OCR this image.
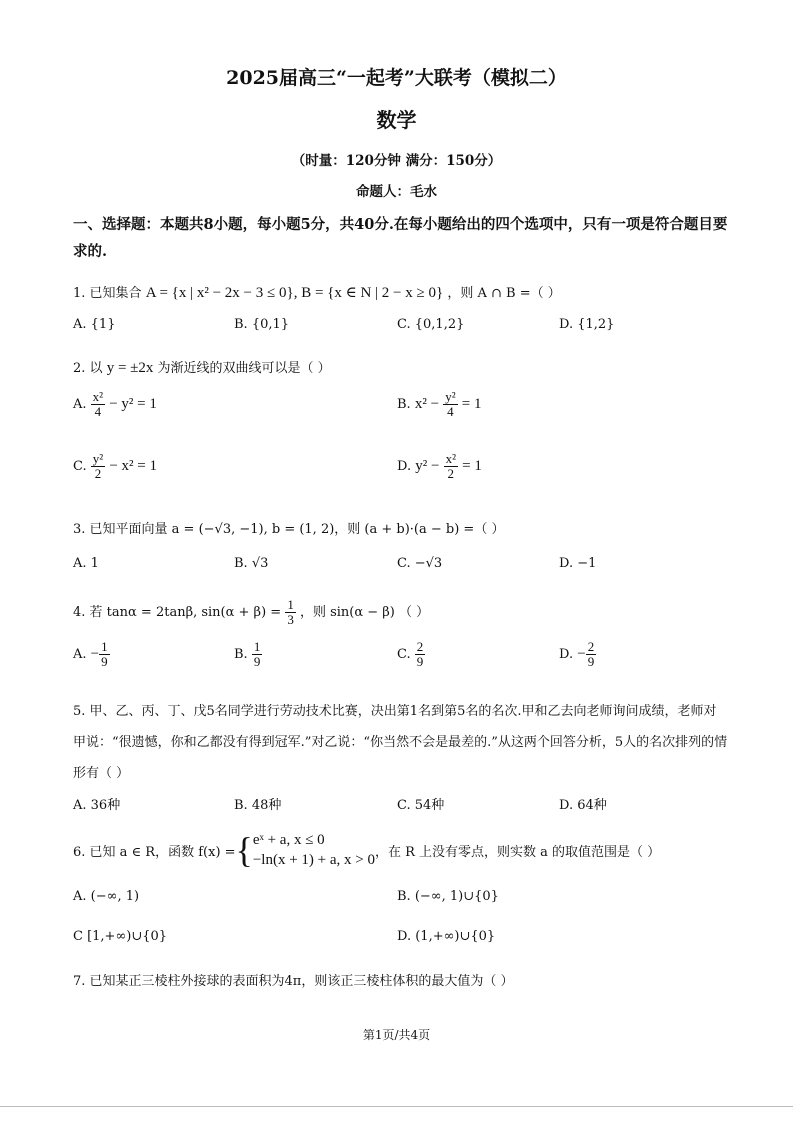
2025届高三“一起考”大联考（模拟二）
数学
（时量：120分钟 满分：150分）
命题人：毛水
一、选择题：本题共8小题，每小题5分，共40分.在每小题给出的四个选项中，只有一项是符合题目要求的.
1. 已知集合 A = {x | x² − 2x − 3 ≤ 0}, B = {x ∈ N | 2 − x ≥ 0} ，则 A ∩ B =（ ）
A. {1}	B. {0,1}	C. {0,1,2}	D. {1,2}
2. 以 y = ±2x 为渐近线的双曲线可以是（ ）
A. $\frac{\text{x²}}{4} - y^2 = 1$	B. $x^2 - \frac{\text{y²}}{4} = 1$
C. $\frac{\text{y²}}{2} - x^2 = 1$	D. $y^2 - \frac{\text{x²}}{2} = 1$
3. 已知平面向量 a = (−√3, −1), b = (1, 2)，则 (a + b)·(a − b) =（ ）
A. 1	B. √3	C. −√3	D. −1
4. 若 tanα = 2tanβ, $\sin(\alpha + \beta) = \frac{1}{3}$ ，则 sin(α − β) （ ）
A. − $\frac{1}{9}$	B. $\frac{1}{9}$	C. $\frac{2}{9}$	D. − $\frac{2}{9}$
5. 甲、乙、丙、丁、戊5名同学进行劳动技术比赛，决出第1名到第5名的名次.甲和乙去向老师询问成绩，老师对甲说：“很遗憾，你和乙都没有得到冠军.”对乙说：“你当然不会是最差的.”从这两个回答分析，5人的名次排列的情形有（ ）
A. 36种	B. 48种	C. 54种	D. 64种
6. 已知 a ∈ R，函数 f(x) = { eˣ + a, x ≤ 0
−ln(x + 1) + a, x > 0 ，在 R 上没有零点，则实数 a 的取值范围是（ ）
A. (−∞, 1)	B. (−∞, 1)∪{0}
C [1,+∞)∪{0}	D. (1,+∞)∪{0}
7. 已知某正三棱柱外接球的表面积为4π，则该正三棱柱体积的最大值为（ ）
第1页/共4页
